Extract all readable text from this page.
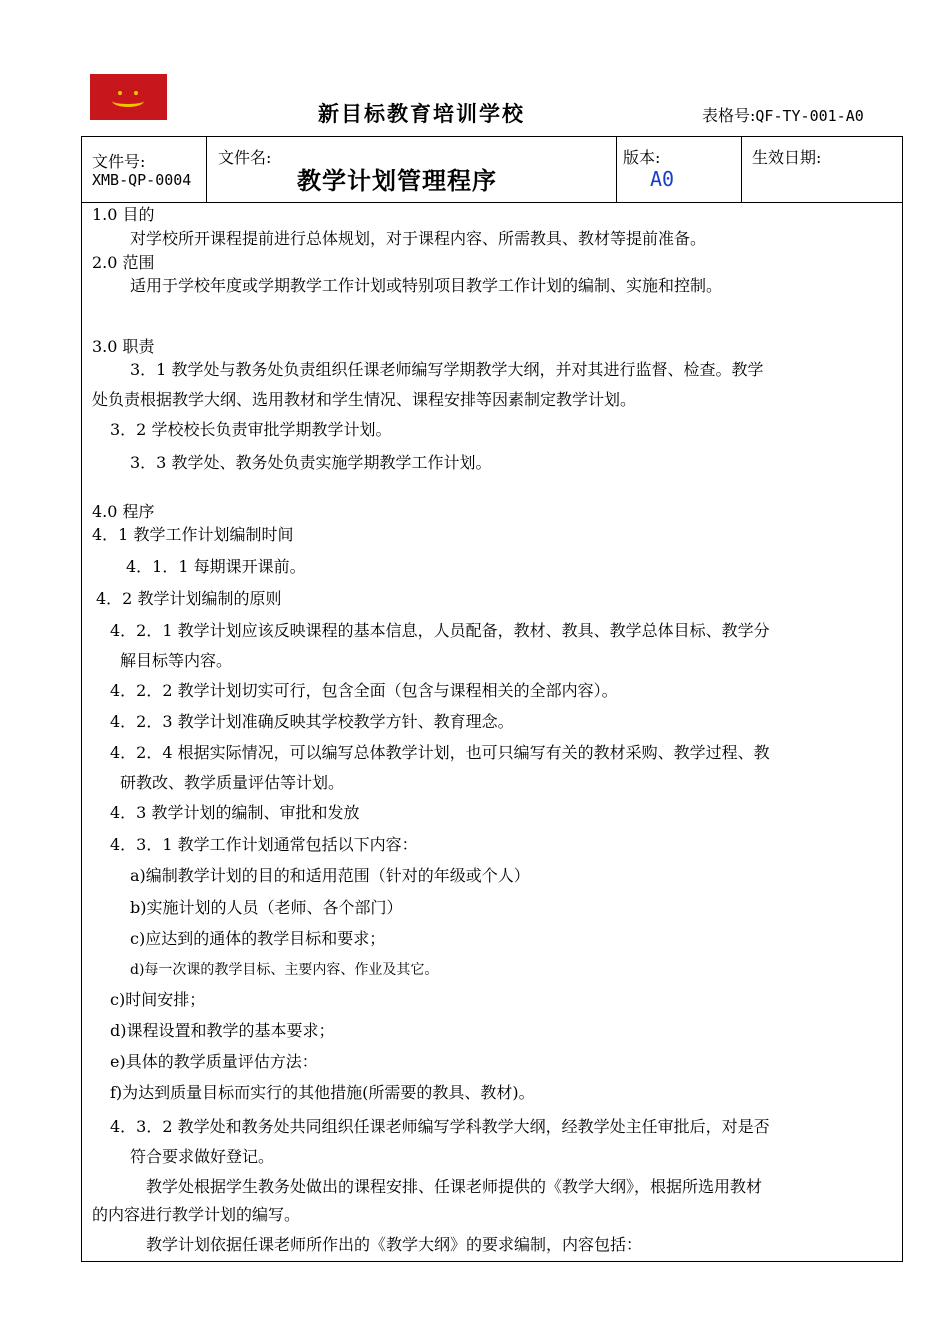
新目标教育培训学校	表格号:QF-TY-001-A0
文件号:
XMB-QP-0004
文件名:
教学计划管理程序
版本:
A0
生效日期:
1.0 目的
对学校所开课程提前进行总体规划，对于课程内容、所需教具、教材等提前准备。
2.0 范围
适用于学校年度或学期教学工作计划或特别项目教学工作计划的编制、实施和控制。
3.0 职责
3．1 教学处与教务处负责组织任课老师编写学期教学大纲，并对其进行监督、检查。教学
处负责根据教学大纲、选用教材和学生情况、课程安排等因素制定教学计划。
3．2 学校校长负责审批学期教学计划。
3．3 教学处、教务处负责实施学期教学工作计划。
4.0 程序
4．1 教学工作计划编制时间
4．1．1 每期课开课前。
4．2 教学计划编制的原则
4．2．1 教学计划应该反映课程的基本信息，人员配备，教材、教具、教学总体目标、教学分
解目标等内容。
4．2．2 教学计划切实可行，包含全面（包含与课程相关的全部内容）。
4．2．3 教学计划准确反映其学校教学方针、教育理念。
4．2．4 根据实际情况，可以编写总体教学计划，也可只编写有关的教材采购、教学过程、教
研教改、教学质量评估等计划。
4．3 教学计划的编制、审批和发放
4．3．1 教学工作计划通常包括以下内容：
a)编制教学计划的目的和适用范围（针对的年级或个人）
b)实施计划的人员（老师、各个部门）
c)应达到的通体的教学目标和要求；
d)每一次课的教学目标、主要内容、作业及其它。
c)时间安排；
d)课程设置和教学的基本要求；
e)具体的教学质量评估方法：
f)为达到质量目标而实行的其他措施(所需要的教具、教材)。
4．3．2 教学处和教务处共同组织任课老师编写学科教学大纲，经教学处主任审批后，对是否
符合要求做好登记。
教学处根据学生教务处做出的课程安排、任课老师提供的《教学大纲》，根据所选用教材
的内容进行教学计划的编写。
教学计划依据任课老师所作出的《教学大纲》的要求编制，内容包括：
